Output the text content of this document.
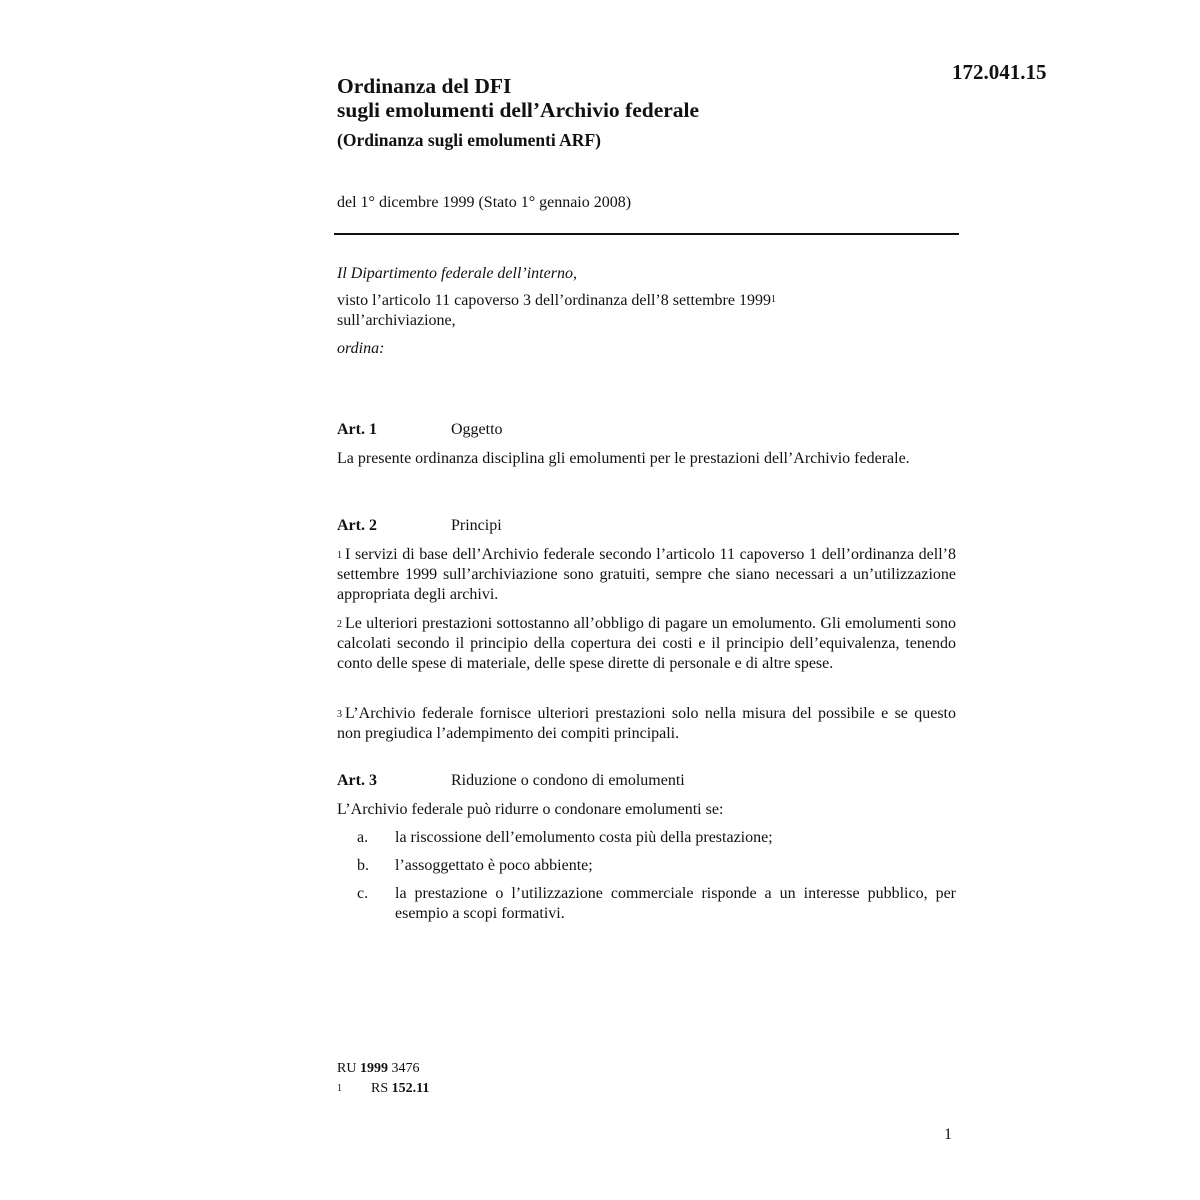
172.041.15
Ordinanza del DFI
sugli emolumenti dell’Archivio federale
(Ordinanza sugli emolumenti ARF)
del 1° dicembre 1999 (Stato 1° gennaio 2008)
Il Dipartimento federale dell’interno,
visto l’articolo 11 capoverso 3 dell’ordinanza dell’8 settembre 1999$^1$
sull’archiviazione,
ordina:
Art. 1	Oggetto
La presente ordinanza disciplina gli emolumenti per le prestazioni dell’Archivio federale.
Art. 2	Principi
$^1$ I servizi di base dell’Archivio federale secondo l’articolo 11 capoverso 1 dell’ordinanza dell’8 settembre 1999 sull’archiviazione sono gratuiti, sempre che siano necessari a un’utilizzazione appropriata degli archivi.
$^2$ Le ulteriori prestazioni sottostanno all’obbligo di pagare un emolumento. Gli emolumenti sono calcolati secondo il principio della copertura dei costi e il principio dell’equivalenza, tenendo conto delle spese di materiale, delle spese dirette di personale e di altre spese.
$^3$ L’Archivio federale fornisce ulteriori prestazioni solo nella misura del possibile e se questo non pregiudica l’adempimento dei compiti principali.
Art. 3	Riduzione o condono di emolumenti
L’Archivio federale può ridurre o condonare emolumenti se:
a. la riscossione dell’emolumento costa più della prestazione;
b. l’assoggettato è poco abbiente;
c. la prestazione o l’utilizzazione commerciale risponde a un interesse pubblico, per esempio a scopi formativi.
RU 1999 3476
1 RS 152.11
1
